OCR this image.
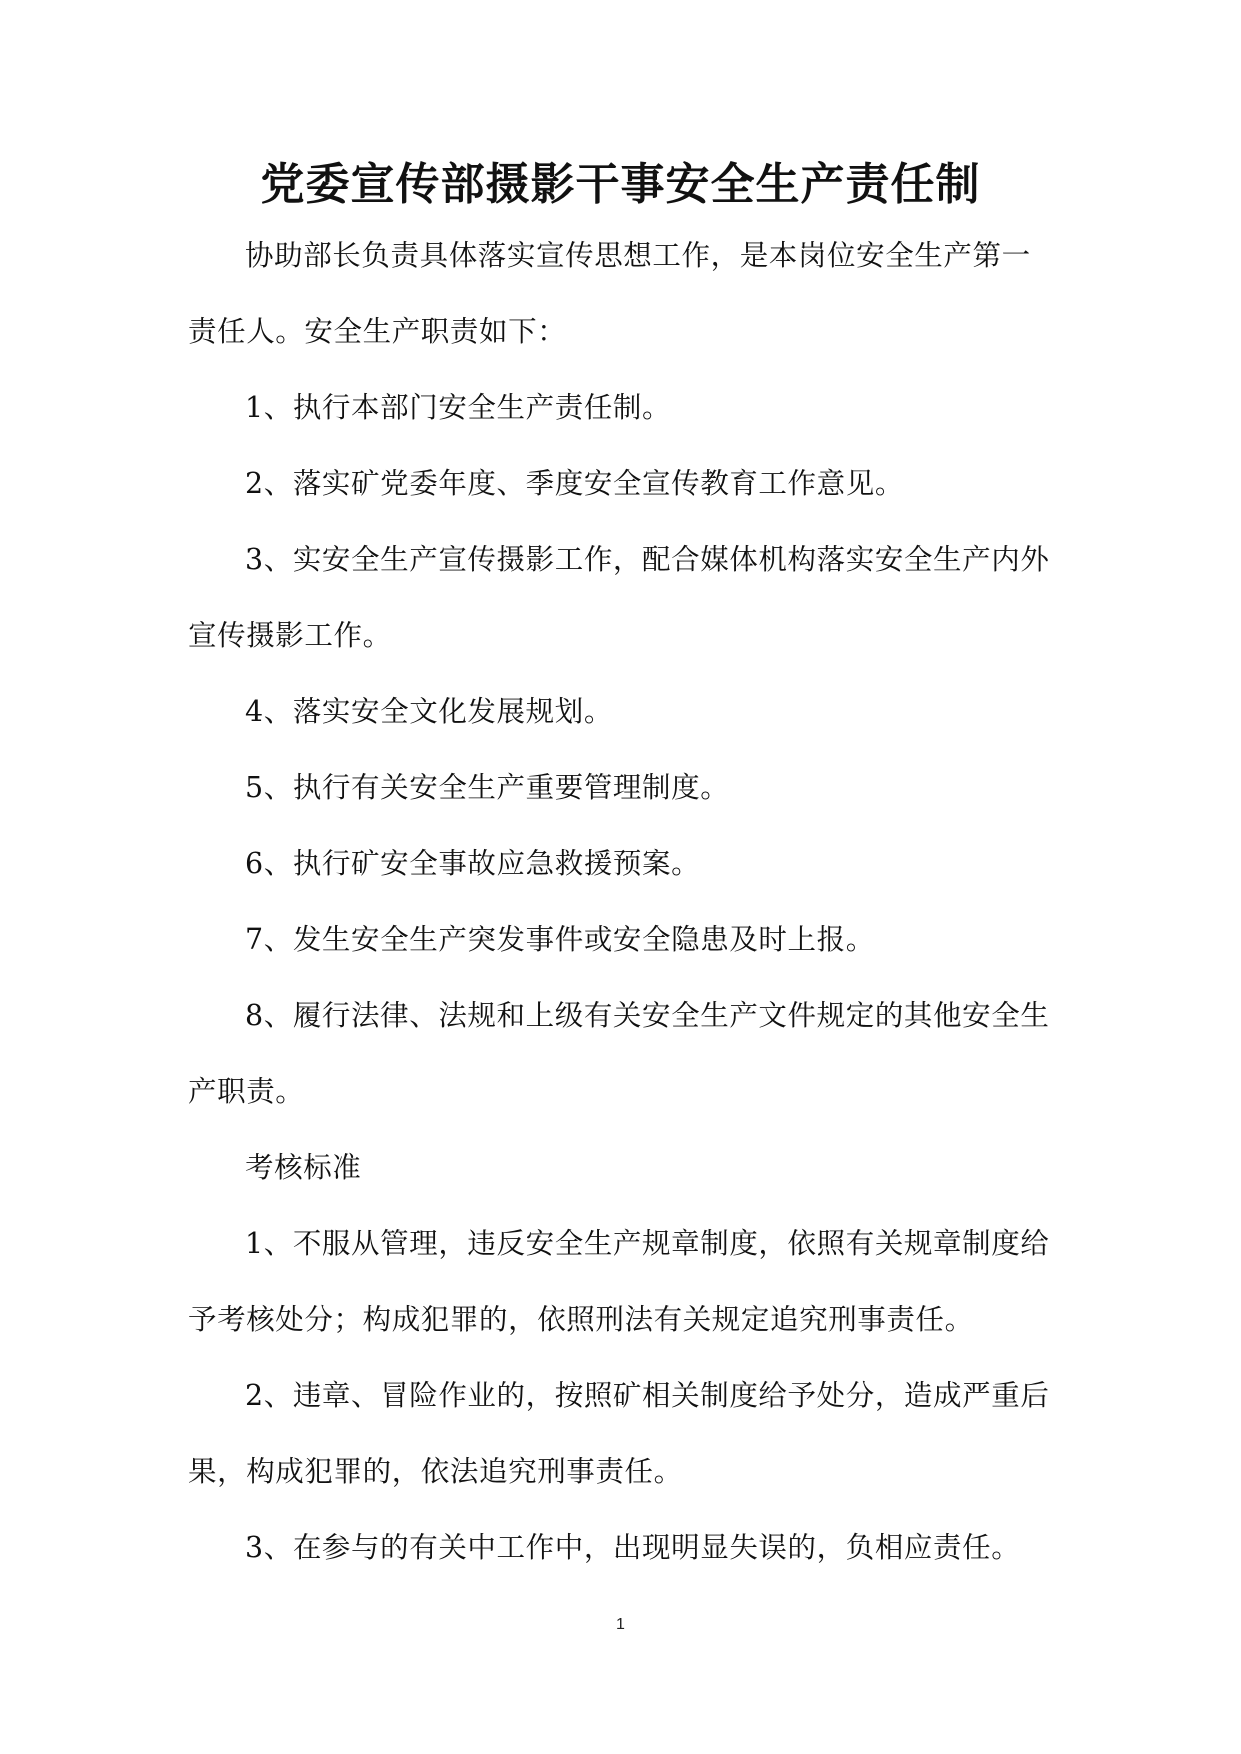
党委宣传部摄影干事安全生产责任制

协助部长负责具体落实宣传思想工作，是本岗位安全生产第一责任人。安全生产职责如下：

1、执行本部门安全生产责任制。

2、落实矿党委年度、季度安全宣传教育工作意见。

3、实安全生产宣传摄影工作，配合媒体机构落实安全生产内外宣传摄影工作。

4、落实安全文化发展规划。

5、执行有关安全生产重要管理制度。

6、执行矿安全事故应急救援预案。

7、发生安全生产突发事件或安全隐患及时上报。

8、履行法律、法规和上级有关安全生产文件规定的其他安全生产职责。

考核标准

1、不服从管理，违反安全生产规章制度，依照有关规章制度给予考核处分；构成犯罪的，依照刑法有关规定追究刑事责任。

2、违章、冒险作业的，按照矿相关制度给予处分，造成严重后果，构成犯罪的，依法追究刑事责任。

3、在参与的有关中工作中，出现明显失误的，负相应责任。

1
